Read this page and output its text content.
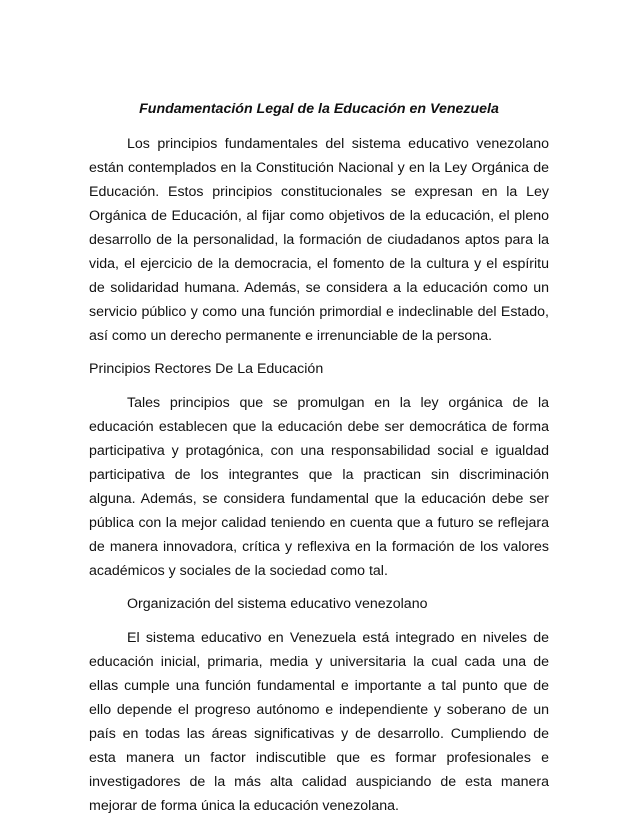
Fundamentación Legal de la Educación en Venezuela

Los principios fundamentales del sistema educativo venezolano están contemplados en la Constitución Nacional y en la Ley Orgánica de Educación. Estos principios constitucionales se expresan en la Ley Orgánica de Educación, al fijar como objetivos de la educación, el pleno desarrollo de la personalidad, la formación de ciudadanos aptos para la vida, el ejercicio de la democracia, el fomento de la cultura y el espíritu de solidaridad humana. Además, se considera a la educación como un servicio público y como una función primordial e indeclinable del Estado, así como un derecho permanente e irrenunciable de la persona.

Principios Rectores De La Educación

Tales principios que se promulgan en la ley orgánica de la educación establecen que la educación debe ser democrática de forma participativa y protagónica, con una responsabilidad social e igualdad participativa de los integrantes que la practican sin discriminación alguna. Además, se considera fundamental que la educación debe ser pública con la mejor calidad teniendo en cuenta que a futuro se reflejara de manera innovadora, crítica y reflexiva en la formación de los valores académicos y sociales de la sociedad como tal.

Organización del sistema educativo venezolano

El sistema educativo en Venezuela está integrado en niveles de educación inicial, primaria, media y universitaria la cual cada una de ellas cumple una función fundamental e importante a tal punto que de ello depende el progreso autónomo e independiente y soberano de un país en todas las áreas significativas y de desarrollo. Cumpliendo de esta manera un factor indiscutible que es formar profesionales e investigadores de la más alta calidad auspiciando de esta manera mejorar de forma única la educación venezolana.
